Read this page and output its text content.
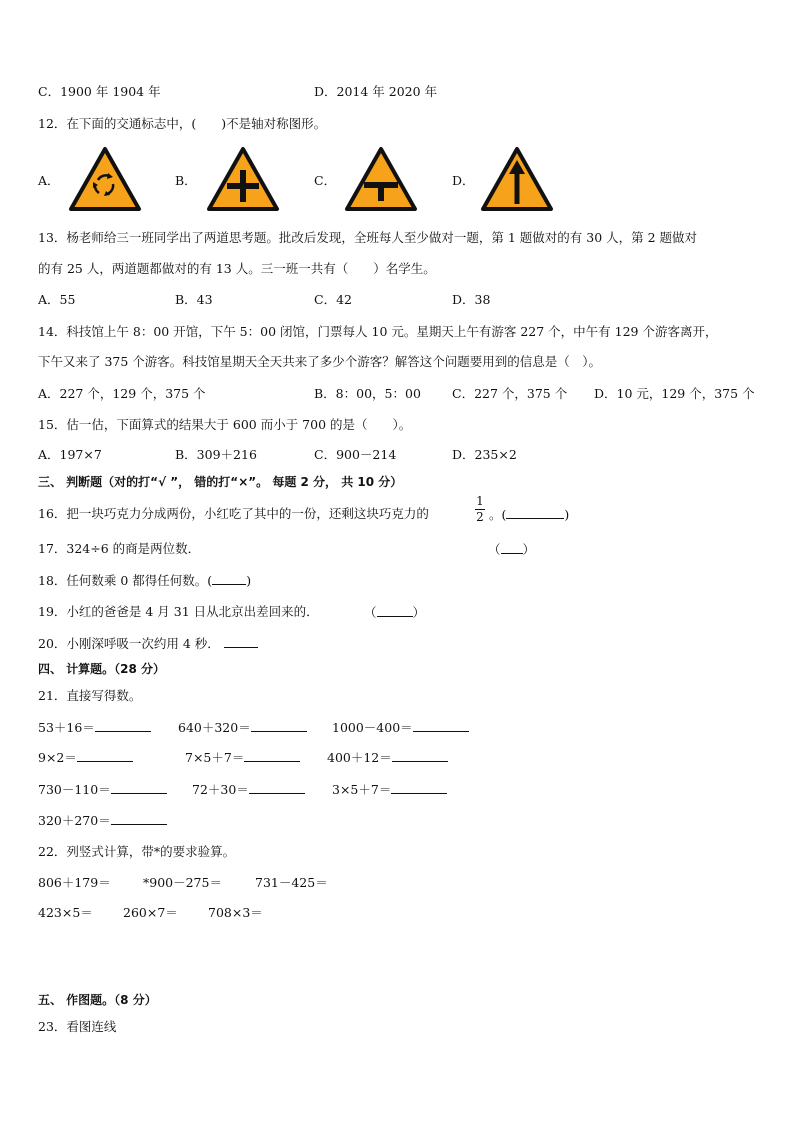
C．1900 年 1904 年	D．2014 年 2020 年
12．在下面的交通标志中，(　　)不是轴对称图形。
A．	B．	C．	D．
13．杨老师给三一班同学出了两道思考题。批改后发现，全班每人至少做对一题，第 1 题做对的有 30 人，第 2 题做对
的有 25 人，两道题都做对的有 13 人。三一班一共有（　　）名学生。
A．55	B．43	C．42	D．38
14．科技馆上午 8：00 开馆，下午 5：00 闭馆，门票每人 10 元。星期天上午有游客 227 个，中午有 129 个游客离开，
下午又来了 375 个游客。科技馆星期天全天共来了多少个游客？解答这个问题要用到的信息是（　）。
A．227 个，129 个，375 个	B．8：00，5：00 C．227 个，375 个 D．10 元，129 个，375 个
15．估一估，下面算式的结果大于 600 而小于 700 的是（　　）。
A．197×7	B．309＋216	C．900－214	D．235×2
三、 判断题（对的打“√ ”， 错的打“×”。 每题 2 分， 共 10 分）
16．把一块巧克力分成两份，小红吃了其中的一份，还剩这块巧克力的
1
2 。(	)
17．324÷6 的商是两位数．	（ ）
18．任何数乘 0 都得任何数。(	)
19．小红的爸爸是 4 月 31 日从北京出差回来的．	（	）
20．小刚深呼吸一次约用 4 秒．
四、 计算题。（28 分）
21．直接写得数。
53＋16＝	640＋320＝	1000－400＝
9×2＝	7×5＋7＝	400＋12＝
730－110＝	72＋30＝	3×5＋7＝
320＋270＝
22．列竖式计算，带*的要求验算。
806＋179＝	*900－275＝	731－425＝
423×5＝ 260×7＝ 708×3＝
五、 作图题。（8 分）
23．看图连线
